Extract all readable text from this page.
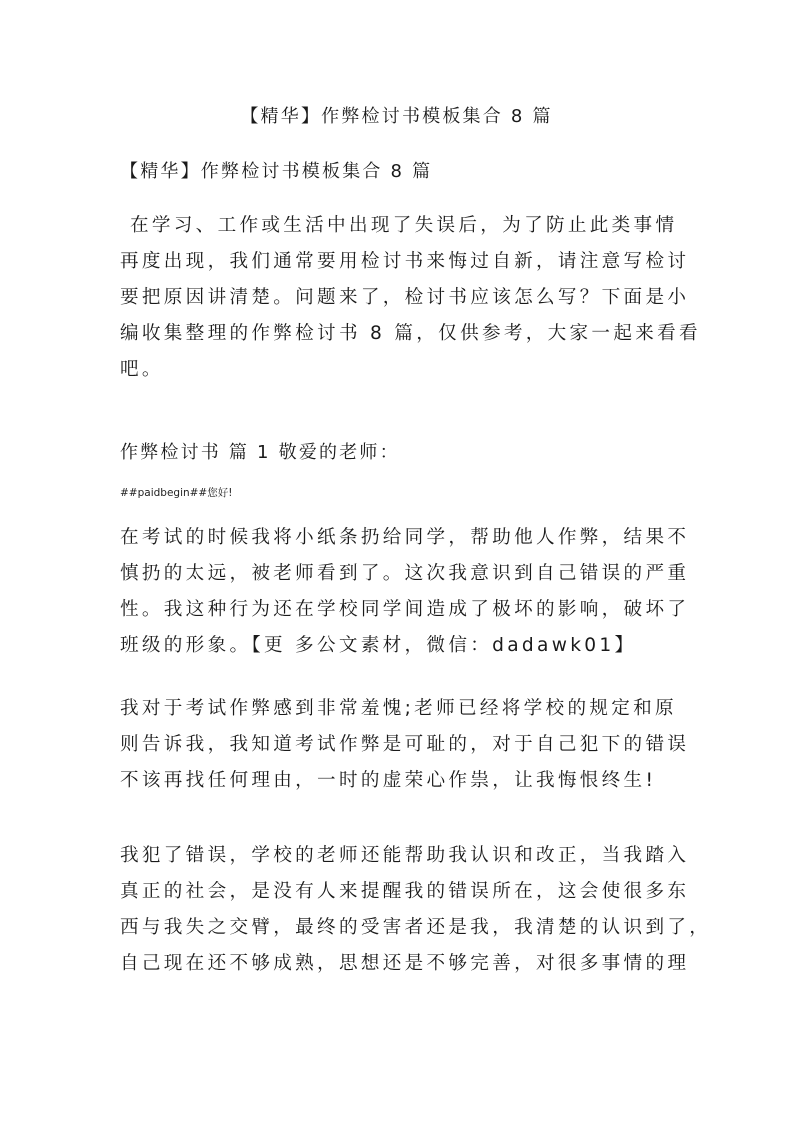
【精华】作弊检讨书模板集合 8 篇
【精华】作弊检讨书模板集合 8 篇
在学习、工作或生活中出现了失误后，为了防止此类事情
再度出现，我们通常要用检讨书来悔过自新，请注意写检讨
要把原因讲清楚。问题来了，检讨书应该怎么写？下面是小
编收集整理的作弊检讨书 8 篇，仅供参考，大家一起来看看
吧。
作弊检讨书 篇 1 敬爱的老师：
##paidbegin##您好!
在考试的时候我将小纸条扔给同学，帮助他人作弊，结果不
慎扔的太远，被老师看到了。这次我意识到自己错误的严重
性。我这种行为还在学校同学间造成了极坏的影响，破坏了
班级的形象。【更 多公文素材，微信：dadawk01】
我对于考试作弊感到非常羞愧;老师已经将学校的规定和原
则告诉我，我知道考试作弊是可耻的，对于自己犯下的错误
不该再找任何理由，一时的虚荣心作祟，让我悔恨终生!
我犯了错误，学校的老师还能帮助我认识和改正，当我踏入
真正的社会，是没有人来提醒我的错误所在，这会使很多东
西与我失之交臂，最终的受害者还是我，我清楚的认识到了，
自己现在还不够成熟，思想还是不够完善，对很多事情的理
